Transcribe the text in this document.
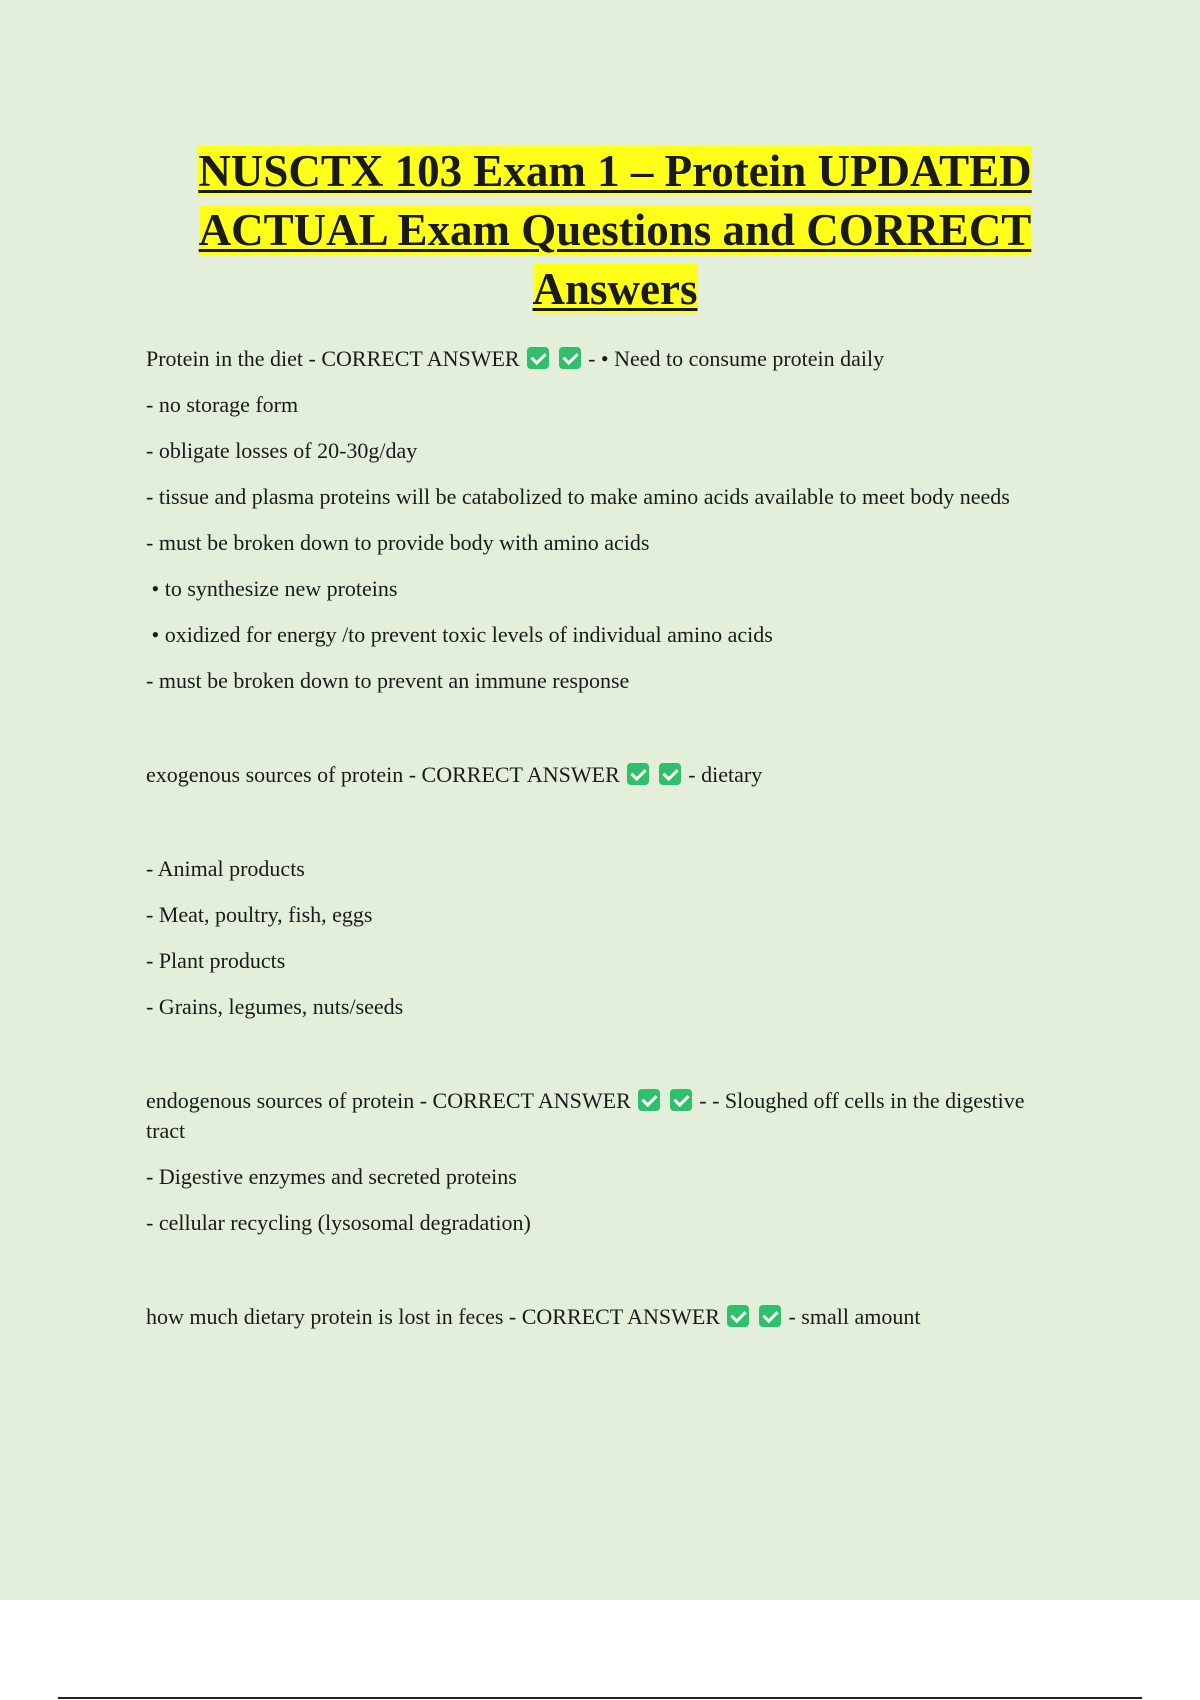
NUSCTX 103 Exam 1 – Protein UPDATED ACTUAL Exam Questions and CORRECT Answers

Protein in the diet - CORRECT ANSWER	- • Need to consume protein daily

- no storage form

- obligate losses of 20-30g/day

- tissue and plasma proteins will be catabolized to make amino acids available to meet body needs

- must be broken down to provide body with amino acids

• to synthesize new proteins

• oxidized for energy /to prevent toxic levels of individual amino acids

- must be broken down to prevent an immune response

exogenous sources of protein - CORRECT ANSWER	- dietary

- Animal products

- Meat, poultry, fish, eggs

- Plant products

- Grains, legumes, nuts/seeds

endogenous sources of protein - CORRECT ANSWER	- - Sloughed off cells in the digestive tract

- Digestive enzymes and secreted proteins

- cellular recycling (lysosomal degradation)

how much dietary protein is lost in feces - CORRECT ANSWER	- small amount
